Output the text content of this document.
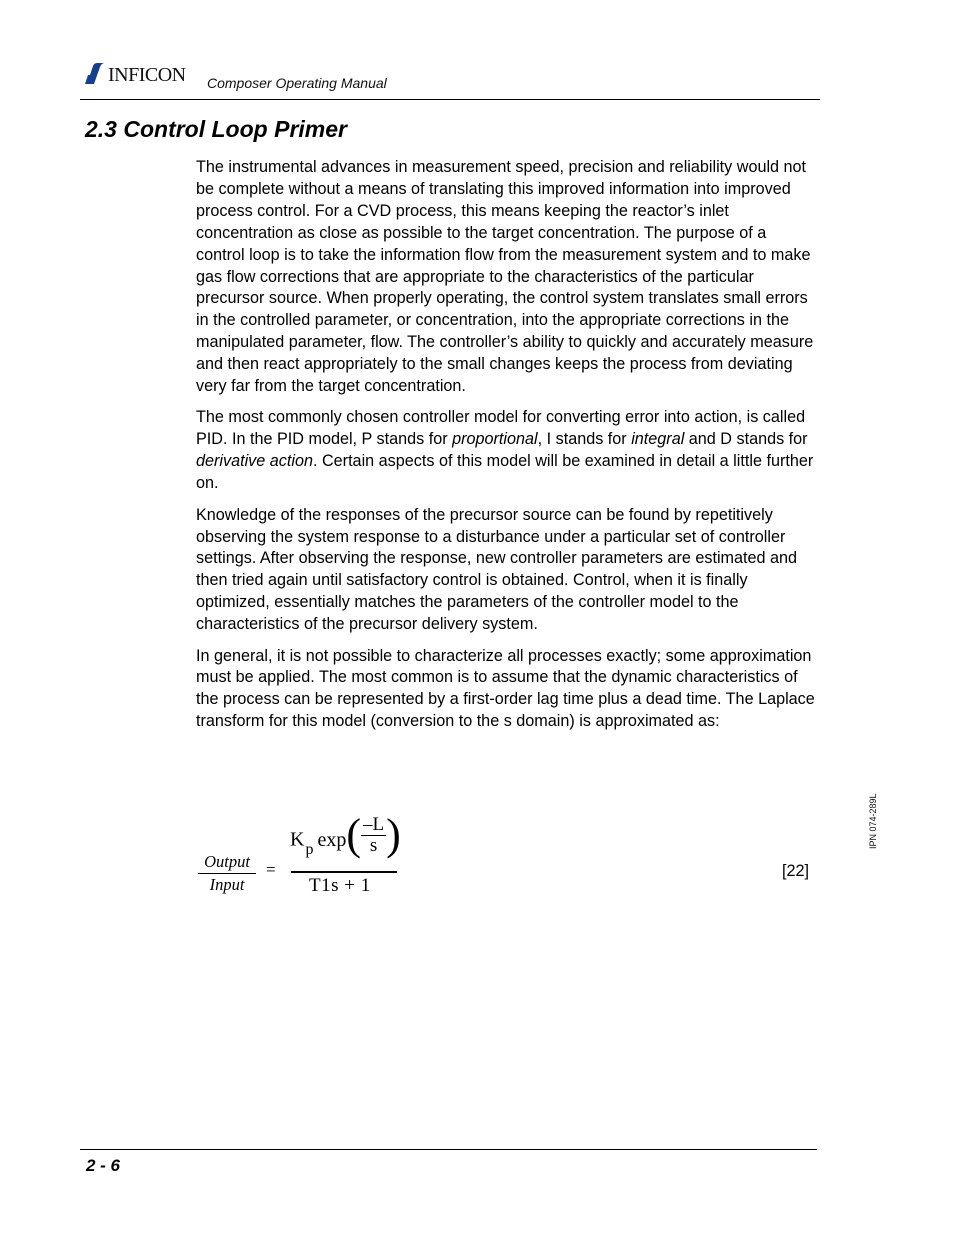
INFICON Composer Operating Manual
2.3 Control Loop Primer

The instrumental advances in measurement speed, precision and reliability would not be complete without a means of translating this improved information into improved process control. For a CVD process, this means keeping the reactor’s inlet concentration as close as possible to the target concentration. The purpose of a control loop is to take the information flow from the measurement system and to make gas flow corrections that are appropriate to the characteristics of the particular precursor source. When properly operating, the control system translates small errors in the controlled parameter, or concentration, into the appropriate corrections in the manipulated parameter, flow. The controller’s ability to quickly and accurately measure and then react appropriately to the small changes keeps the process from deviating very far from the target concentration.

The most commonly chosen controller model for converting error into action, is called PID. In the PID model, P stands for proportional, I stands for integral and D stands for derivative action. Certain aspects of this model will be examined in detail a little further on.

Knowledge of the responses of the precursor source can be found by repetitively observing the system response to a disturbance under a particular set of controller settings. After observing the response, new controller parameters are estimated and then tried again until satisfactory control is obtained. Control, when it is finally optimized, essentially matches the parameters of the controller model to the characteristics of the precursor delivery system.

In general, it is not possible to characterize all processes exactly; some approximation must be applied. The most common is to assume that the dynamic characteristics of the process can be represented by a first-order lag time plus a dead time. The Laplace transform for this model (conversion to the s domain) is approximated as:

Output
Input
=
$K_p$ $\exp( \frac{-L}{s}$ )
T1s + 1
[22]
IPN 074-289L
2 - 6
